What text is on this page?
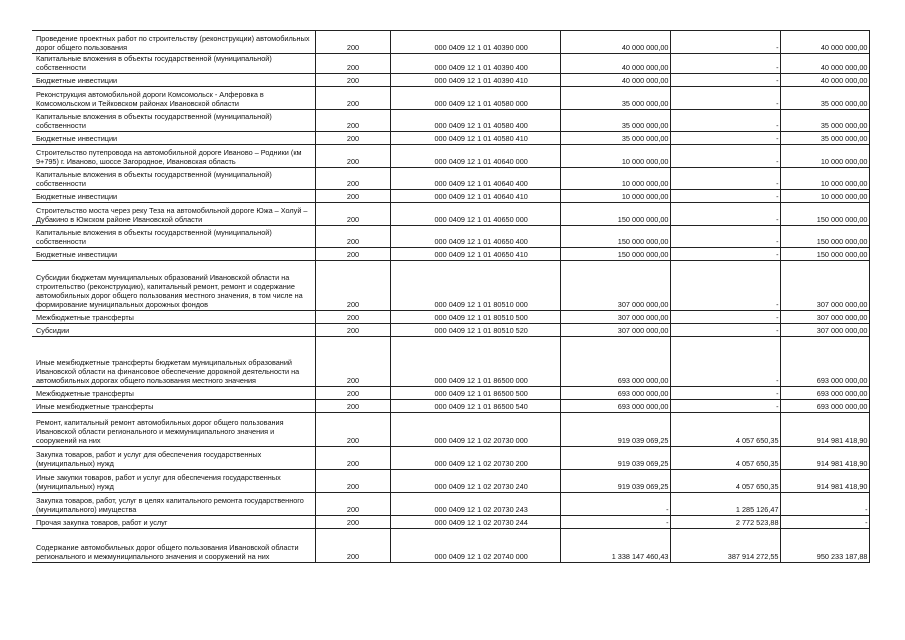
Проведение проектных работ по строительству (реконструкции) автомобильных дорог общего пользования	200	000 0409 12 1 01 40390 000	40 000 000,00	-	40 000 000,00
Капитальные вложения в объекты государственной (муниципальной) собственности	200	000 0409 12 1 01 40390 400	40 000 000,00	-	40 000 000,00
Бюджетные инвестиции	200	000 0409 12 1 01 40390 410	40 000 000,00	-	40 000 000,00
Реконструкция автомобильной дороги Комсомольск - Алферовка в Комсомольском и Тейковском районах Ивановской области	200	000 0409 12 1 01 40580 000	35 000 000,00	-	35 000 000,00
Капитальные вложения в объекты государственной (муниципальной) собственности	200	000 0409 12 1 01 40580 400	35 000 000,00	-	35 000 000,00
Бюджетные инвестиции	200	000 0409 12 1 01 40580 410	35 000 000,00	-	35 000 000,00
Строительство путепровода на автомобильной дороге Иваново – Родники (км 9+795) г. Иваново, шоссе Загородное, Ивановская область	200	000 0409 12 1 01 40640 000	10 000 000,00	-	10 000 000,00
Капитальные вложения в объекты государственной (муниципальной) собственности	200	000 0409 12 1 01 40640 400	10 000 000,00	-	10 000 000,00
Бюджетные инвестиции	200	000 0409 12 1 01 40640 410	10 000 000,00	-	10 000 000,00
Строительство моста через реку Теза на автомобильной дороге Южа – Холуй – Дубакино в Южском районе Ивановской области	200	000 0409 12 1 01 40650 000	150 000 000,00	-	150 000 000,00
Капитальные вложения в объекты государственной (муниципальной) собственности	200	000 0409 12 1 01 40650 400	150 000 000,00	-	150 000 000,00
Бюджетные инвестиции	200	000 0409 12 1 01 40650 410	150 000 000,00	-	150 000 000,00
Субсидии бюджетам муниципальных образований Ивановской области на строительство (реконструкцию), капитальный ремонт, ремонт и содержание автомобильных дорог общего пользования местного значения, в том числе на формирование муниципальных дорожных фондов	200	000 0409 12 1 01 80510 000	307 000 000,00	-	307 000 000,00
Межбюджетные трансферты	200	000 0409 12 1 01 80510 500	307 000 000,00	-	307 000 000,00
Субсидии	200	000 0409 12 1 01 80510 520	307 000 000,00	-	307 000 000,00
Иные межбюджетные трансферты бюджетам муниципальных образований Ивановской области на финансовое обеспечение дорожной деятельности на автомобильных дорогах общего пользования местного значения	200	000 0409 12 1 01 86500 000	693 000 000,00	-	693 000 000,00
Межбюджетные трансферты	200	000 0409 12 1 01 86500 500	693 000 000,00	-	693 000 000,00
Иные межбюджетные трансферты	200	000 0409 12 1 01 86500 540	693 000 000,00	-	693 000 000,00
Ремонт, капитальный ремонт автомобильных дорог общего пользования Ивановской области регионального и межмуниципального значения и сооружений на них	200	000 0409 12 1 02 20730 000	919 039 069,25	4 057 650,35	914 981 418,90
Закупка товаров, работ и услуг для обеспечения государственных (муниципальных) нужд	200	000 0409 12 1 02 20730 200	919 039 069,25	4 057 650,35	914 981 418,90
Иные закупки товаров, работ и услуг для обеспечения государственных (муниципальных) нужд	200	000 0409 12 1 02 20730 240	919 039 069,25	4 057 650,35	914 981 418,90
Закупка товаров, работ, услуг в целях капитального ремонта государственного (муниципального) имущества	200	000 0409 12 1 02 20730 243	-	1 285 126,47	-
Прочая закупка товаров, работ и услуг	200	000 0409 12 1 02 20730 244	-	2 772 523,88	-
Содержание автомобильных дорог общего пользования Ивановской области регионального и межмуниципального значения и сооружений на них	200	000 0409 12 1 02 20740 000	1 338 147 460,43	387 914 272,55	950 233 187,88
